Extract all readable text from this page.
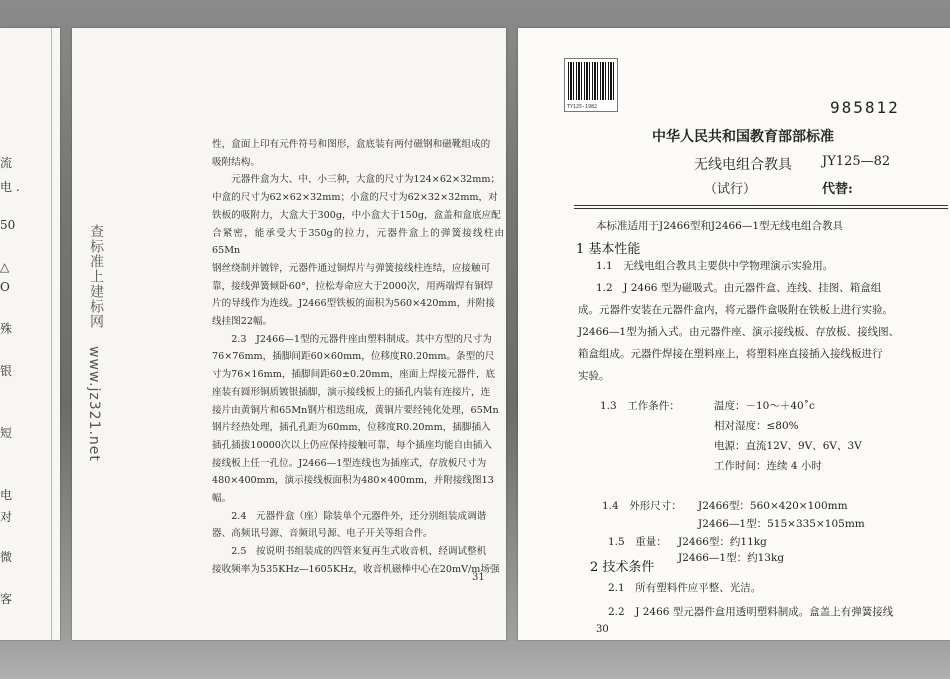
流
电 .
50
△
O
殊
银
短
电
对
微
客
查标准上建标网
www.jz321.net

性，盒面上印有元件符号和图形，盒底装有两付磁钢和磁靴组成的

吸附结构。

元器件盒为大、中、小三种，大盒的尺寸为124×62×32mm；

中盒的尺寸为62×62×32mm；小盒的尺寸为62×32×32mm，对

铁板的吸附力，大盒大于300g，中小盒大于150g，盒盖和盒底应配

合紧密，能承受大于350g的拉力，元器件盒上的弹簧接线柱由65Mn

钢丝绕制并镀锌，元器件通过铜焊片与弹簧接线柱连结，应接触可

靠，接线弹簧倾卧60°，拉松寿命应大于2000次，用两端焊有铜焊

片的导线作为连线。J2466型铁板的面积为560×420mm，并附接

线挂图22幅。

2.3　J2466—1型的元器件座由塑料制成。其中方型的尺寸为

76×76mm，插脚间距60×60mm，位移度R0.20mm。条型的尺

寸为76×16mm，插脚间距60±0.20mm，座面上焊接元器件，底

座装有圆形铜质镀银插脚，演示接线板上的插孔内装有连接片，连

接片由黄铜片和65Mn钢片相迭组成，黄铜片要经钝化处理，65Mn

钢片经热处理，插孔孔距为60mm，位移度R0.20mm，插脚插入

插孔插拔10000次以上仍应保持接触可靠，每个插座均能自由插入

接线板上任一孔位。J2466—1型连线也为插座式，存放板尺寸为

480×400mm，演示接线板面积为480×400mm，并附接线图13

幅。

2.4　元器件盒（座）除装单个元器件外，还分别组装成调谐

器、高频讯号源、音频讯号源、电子开关等组合件。

2.5　按说明书组装成的四管来复再生式收音机，经调试整机

接收频率为535KHz—1605KHz，收音机磁棒中心在20mV/m场强

31
TY125-1982	985812
中华人民共和国教育部部标准
无线电组合教具 JY125—82
（试行）	代替:
本标准适用于J2466型和J2466—1型无线电组合教具
1 基本性能
1.1　无线电组合教具主要供中学物理演示实验用。
1.2　J 2466 型为磁吸式。由元器件盒、连线、挂图、箱盒组
成。元器件安装在元器件盒内，将元器件盒吸附在铁板上进行实验。
J2466—1型为插入式。由元器件座、演示接线板、存放板、接线图、
箱盒组成。元器件焊接在塑料座上，将塑料座直接插入接线板进行
实验。
1.3　工作条件：	温度：－10～＋40˚c
相对湿度：≤80%
电源：直流12V、9V、6V、3V
工作时间：连续 4 小时
1.4　外形尺寸： J2466型：560×420×100mm
J2466—1型：515×335×105mm
1.5　重量： J2466型：约11kg
J2466—1型：约13kg
2 技术条件
2.1　所有塑料件应平整、光洁。
30
2.2　J 2466 型元器件盒用透明塑料制成。盒盖上有弹簧接线
